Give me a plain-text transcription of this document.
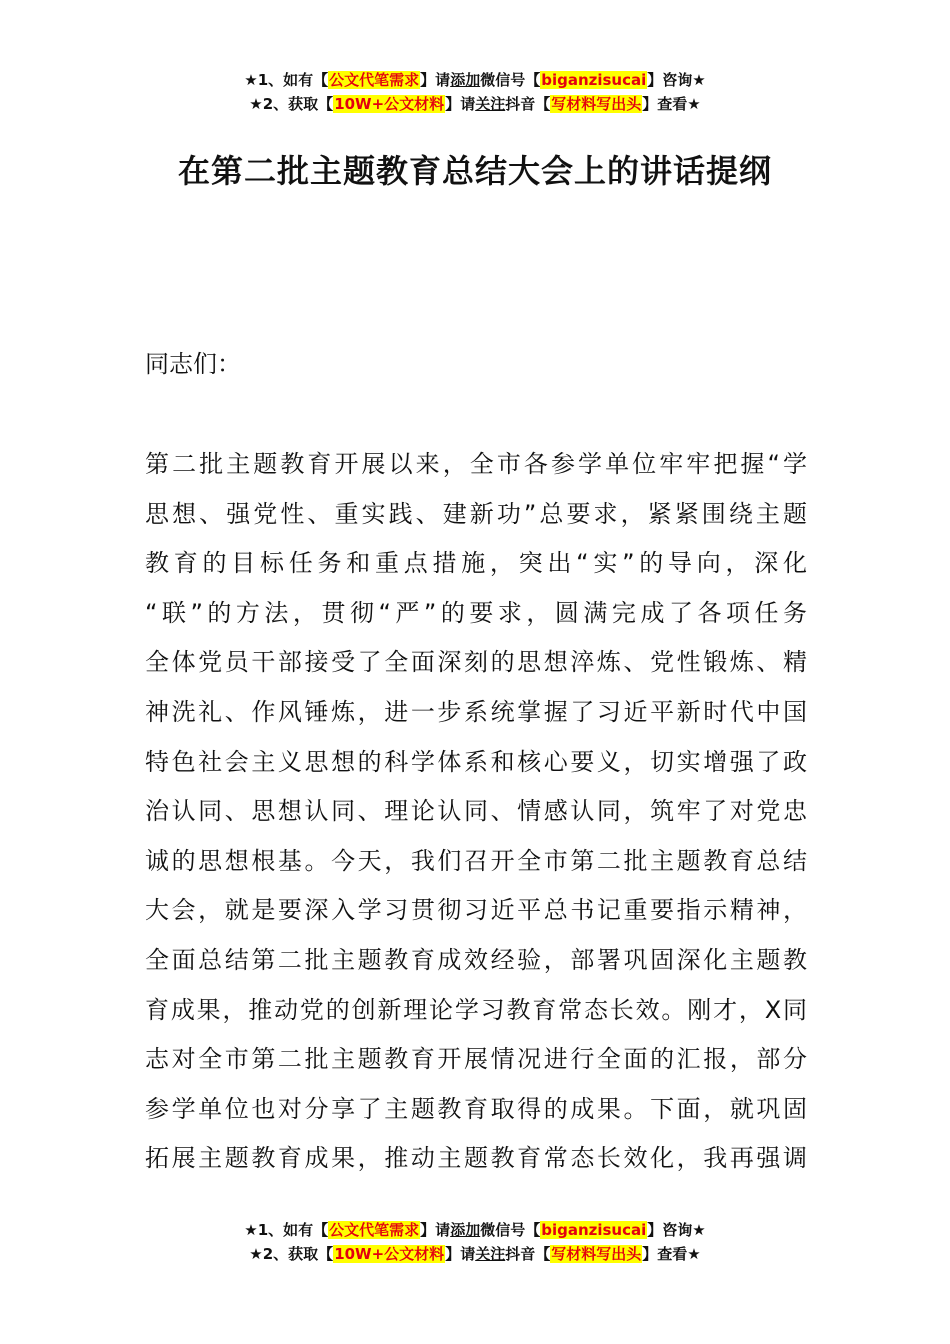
★1、如有【公文代笔需求】请添加微信号【biganzisucai】咨询★
★2、获取【10W+公文材料】请关注抖音【写材料写出头】查看★
在第二批主题教育总结大会上的讲话提纲

同志们：

第二批主题教育开展以来，全市各参学单位牢牢把握“学
思想、强党性、重实践、建新功”总要求，紧紧围绕主题
教育的目标任务和重点措施，突出“实”的导向，深化
“联”的方法，贯彻“严”的要求，圆满完成了各项任务
全体党员干部接受了全面深刻的思想淬炼、党性锻炼、精
神洗礼、作风锤炼，进一步系统掌握了习近平新时代中国
特色社会主义思想的科学体系和核心要义，切实增强了政
治认同、思想认同、理论认同、情感认同，筑牢了对党忠
诚的思想根基。今天，我们召开全市第二批主题教育总结
大会，就是要深入学习贯彻习近平总书记重要指示精神，
全面总结第二批主题教育成效经验，部署巩固深化主题教
育成果，推动党的创新理论学习教育常态长效。刚才，X同
志对全市第二批主题教育开展情况进行全面的汇报，部分
参学单位也对分享了主题教育取得的成果。下面，就巩固
拓展主题教育成果，推动主题教育常态长效化，我再强调
★1、如有【公文代笔需求】请添加微信号【biganzisucai】咨询★
★2、获取【10W+公文材料】请关注抖音【写材料写出头】查看★
